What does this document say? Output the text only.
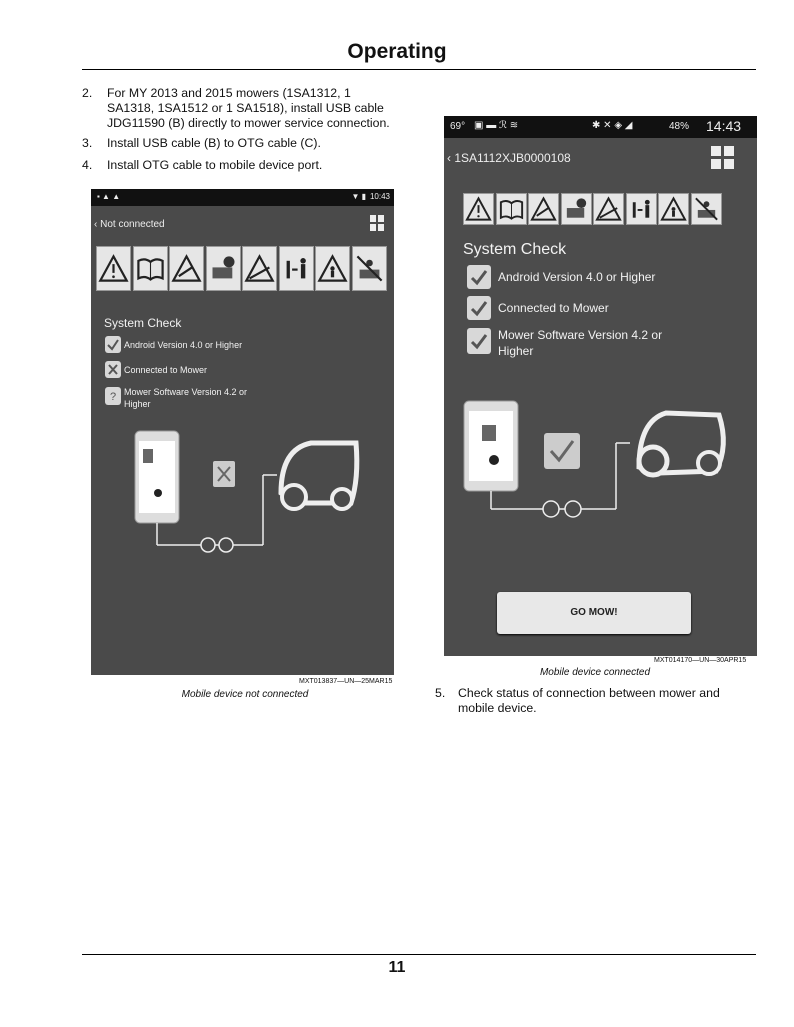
Operating
2. For MY 2013 and 2015 mowers (1SA1312, 1
SA1318, 1SA1512 or 1 SA1518), install USB cable
JDG11590 (B) directly to mower service connection.
3. Install USB cable (B) to OTG cable (C).
4. Install OTG cable to mobile device port.
▪ ▲ ▲	▼ ▮ 10:43
‹ Not connected
System Check
Android Version 4.0 or Higher
Connected to Mower
? Mower Software Version 4.2 or
Higher
MXT013837—UN—25MAR15
Mobile device not connected
69° ▣ ▬ ℛ ≋	✱ ✕ ◈ ◢	48% 14:43
‹ 1SA1112XJB0000108
System Check
Android Version 4.0 or Higher
Connected to Mower
Mower Software Version 4.2 or
Higher
GO MOW!
MXT014170—UN—30APR15
Mobile device connected
5. Check status of connection between mower and
mobile device.
11
